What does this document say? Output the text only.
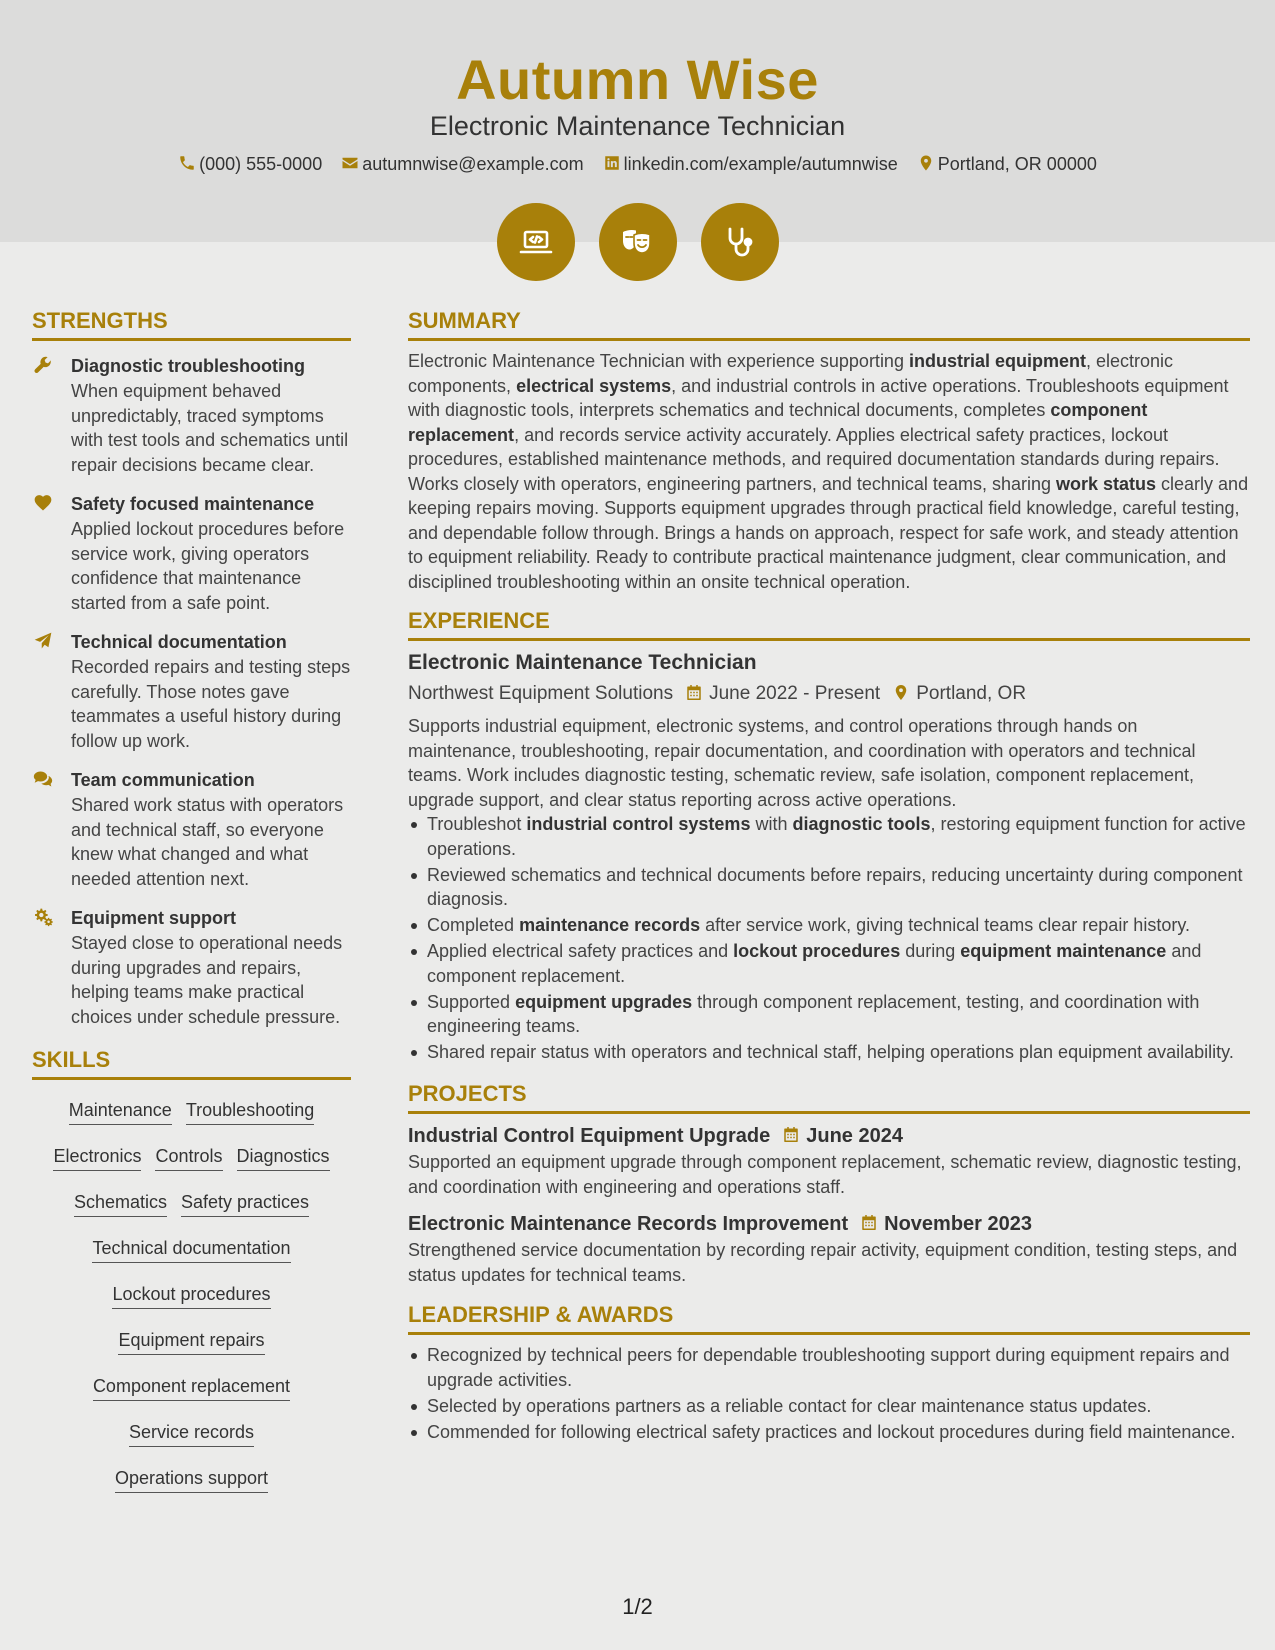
Autumn Wise
Electronic Maintenance Technician
(000) 555-0000 autumnwise@example.com linkedin.com/example/autumnwise Portland, OR 00000

STRENGTHS
Diagnostic troubleshooting
When equipment behaved unpredictably, traced symptoms with test tools and schematics until repair decisions became clear.
Safety focused maintenance
Applied lockout procedures before service work, giving operators confidence that maintenance started from a safe point.
Technical documentation
Recorded repairs and testing steps carefully. Those notes gave teammates a useful history during follow up work.
Team communication
Shared work status with operators and technical staff, so everyone knew what changed and what needed attention next.
Equipment support
Stayed close to operational needs during upgrades and repairs, helping teams make practical choices under schedule pressure.
SKILLS
Maintenance Troubleshooting
Electronics Controls Diagnostics
Schematics Safety practices
Technical documentation
Lockout procedures
Equipment repairs
Component replacement
Service records
Operations support
SUMMARY
Electronic Maintenance Technician with experience supporting industrial equipment, electronic components, electrical systems, and industrial controls in active operations. Troubleshoots equipment with diagnostic tools, interprets schematics and technical documents, completes component replacement, and records service activity accurately. Applies electrical safety practices, lockout procedures, established maintenance methods, and required documentation standards during repairs. Works closely with operators, engineering partners, and technical teams, sharing work status clearly and keeping repairs moving. Supports equipment upgrades through practical field knowledge, careful testing, and dependable follow through. Brings a hands on approach, respect for safe work, and steady attention to equipment reliability. Ready to contribute practical maintenance judgment, clear communication, and disciplined troubleshooting within an onsite technical operation.
EXPERIENCE
Electronic Maintenance Technician
Northwest Equipment Solutions June 2022 - Present Portland, OR
Supports industrial equipment, electronic systems, and control operations through hands on maintenance, troubleshooting, repair documentation, and coordination with operators and technical teams. Work includes diagnostic testing, schematic review, safe isolation, component replacement, upgrade support, and clear status reporting across active operations.
Troubleshot industrial control systems with diagnostic tools, restoring equipment function for active operations.
Reviewed schematics and technical documents before repairs, reducing uncertainty during component diagnosis.
Completed maintenance records after service work, giving technical teams clear repair history.
Applied electrical safety practices and lockout procedures during equipment maintenance and component replacement.
Supported equipment upgrades through component replacement, testing, and coordination with engineering teams.
Shared repair status with operators and technical staff, helping operations plan equipment availability.
PROJECTS
Industrial Control Equipment Upgrade June 2024
Supported an equipment upgrade through component replacement, schematic review, diagnostic testing, and coordination with engineering and operations staff.
Electronic Maintenance Records Improvement November 2023
Strengthened service documentation by recording repair activity, equipment condition, testing steps, and status updates for technical teams.
LEADERSHIP & AWARDS
Recognized by technical peers for dependable troubleshooting support during equipment repairs and upgrade activities.
Selected by operations partners as a reliable contact for clear maintenance status updates.
Commended for following electrical safety practices and lockout procedures during field maintenance.
1/2
